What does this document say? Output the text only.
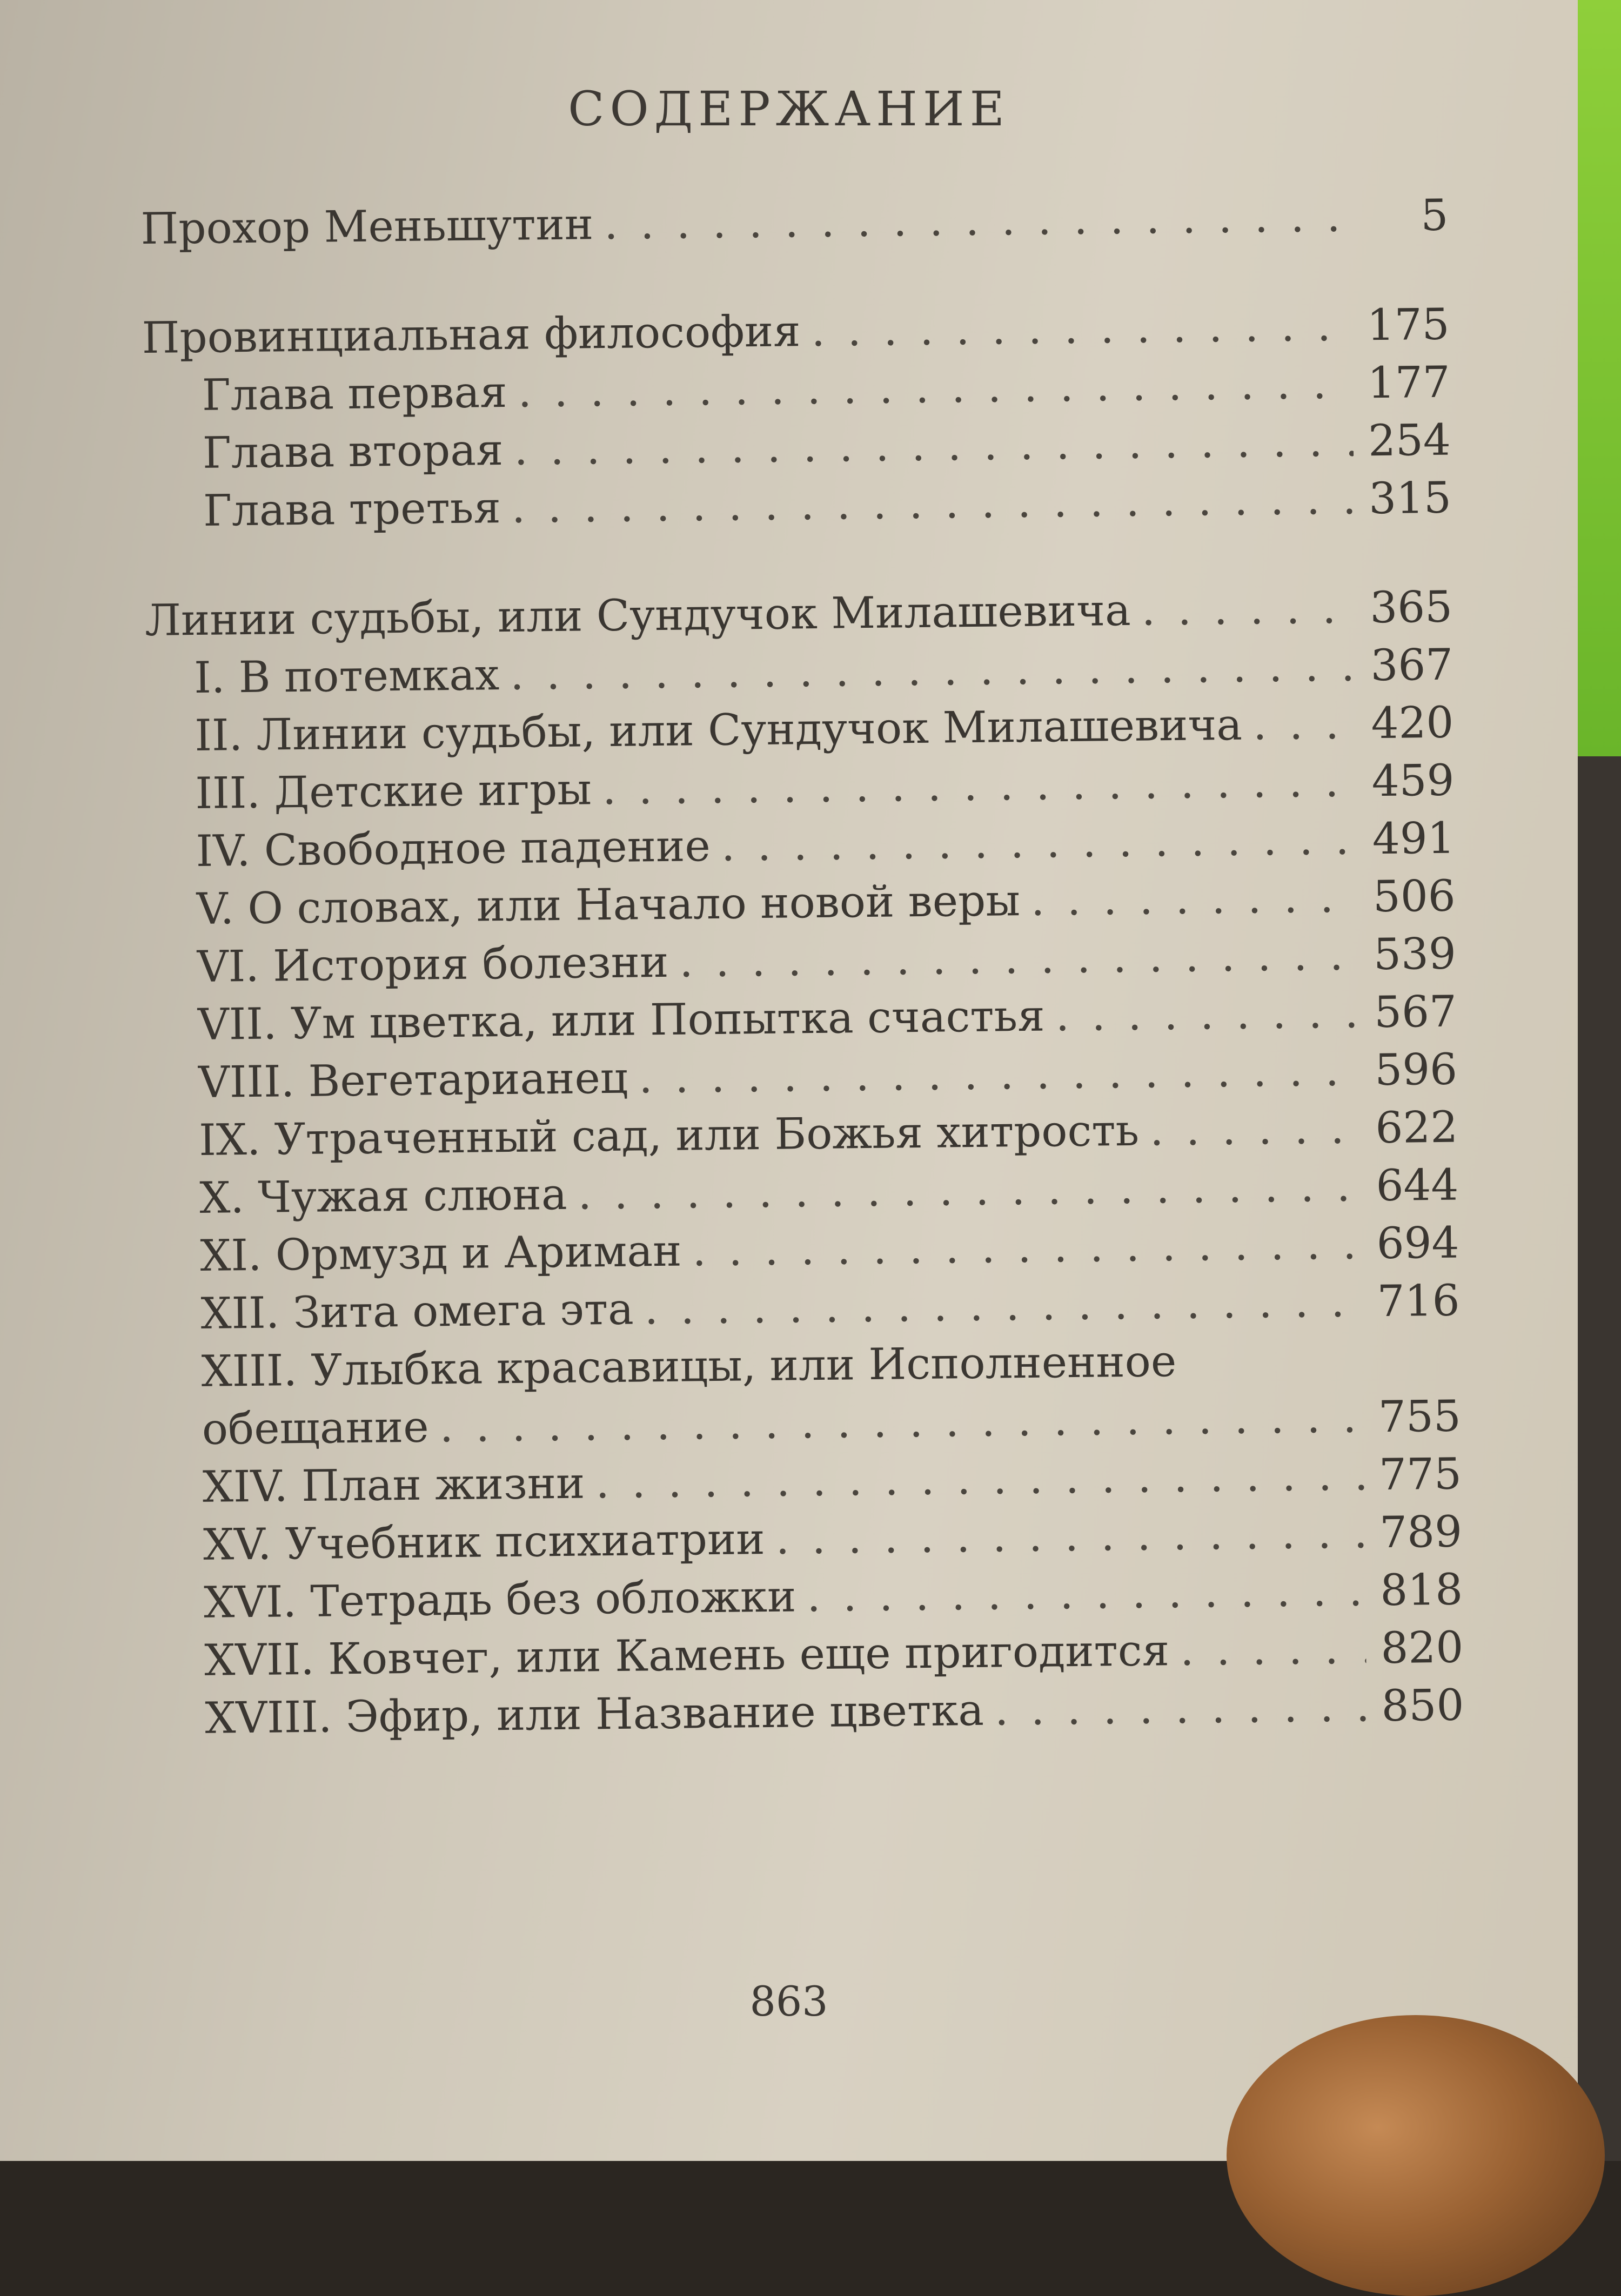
СОДЕРЖАНИЕ
Прохор Меньшутин . . .	5
Провинциальная философия . . .	175
Глава первая . . .	177
Глава вторая . . .	254
Глава третья . . .	315
Линии судьбы, или Сундучок Милашевича . . .	365
I. В потемках . . .	367
II. Линии судьбы, или Сундучок Милашевича . . .	420
III. Детские игры . . .	459
IV. Свободное падение . . .	491
V. О словах, или Начало новой веры . . .	506
VI. История болезни . . .	539
VII. Ум цветка, или Попытка счастья . . .	567
VIII. Вегетарианец . . .	596
IX. Утраченный сад, или Божья хитрость . . .	622
X. Чужая слюна . . .	644
XI. Ормузд и Ариман . . .	694
XII. Зита омега эта . . .	716
XIII. Улыбка красавицы, или Исполненное
обещание . . .	755
XIV. План жизни . . .	775
XV. Учебник психиатрии . . .	789
XVI. Тетрадь без обложки . . .	818
XVII. Ковчег, или Камень еще пригодится . . .	820
XVIII. Эфир, или Название цветка . . .	850
863
